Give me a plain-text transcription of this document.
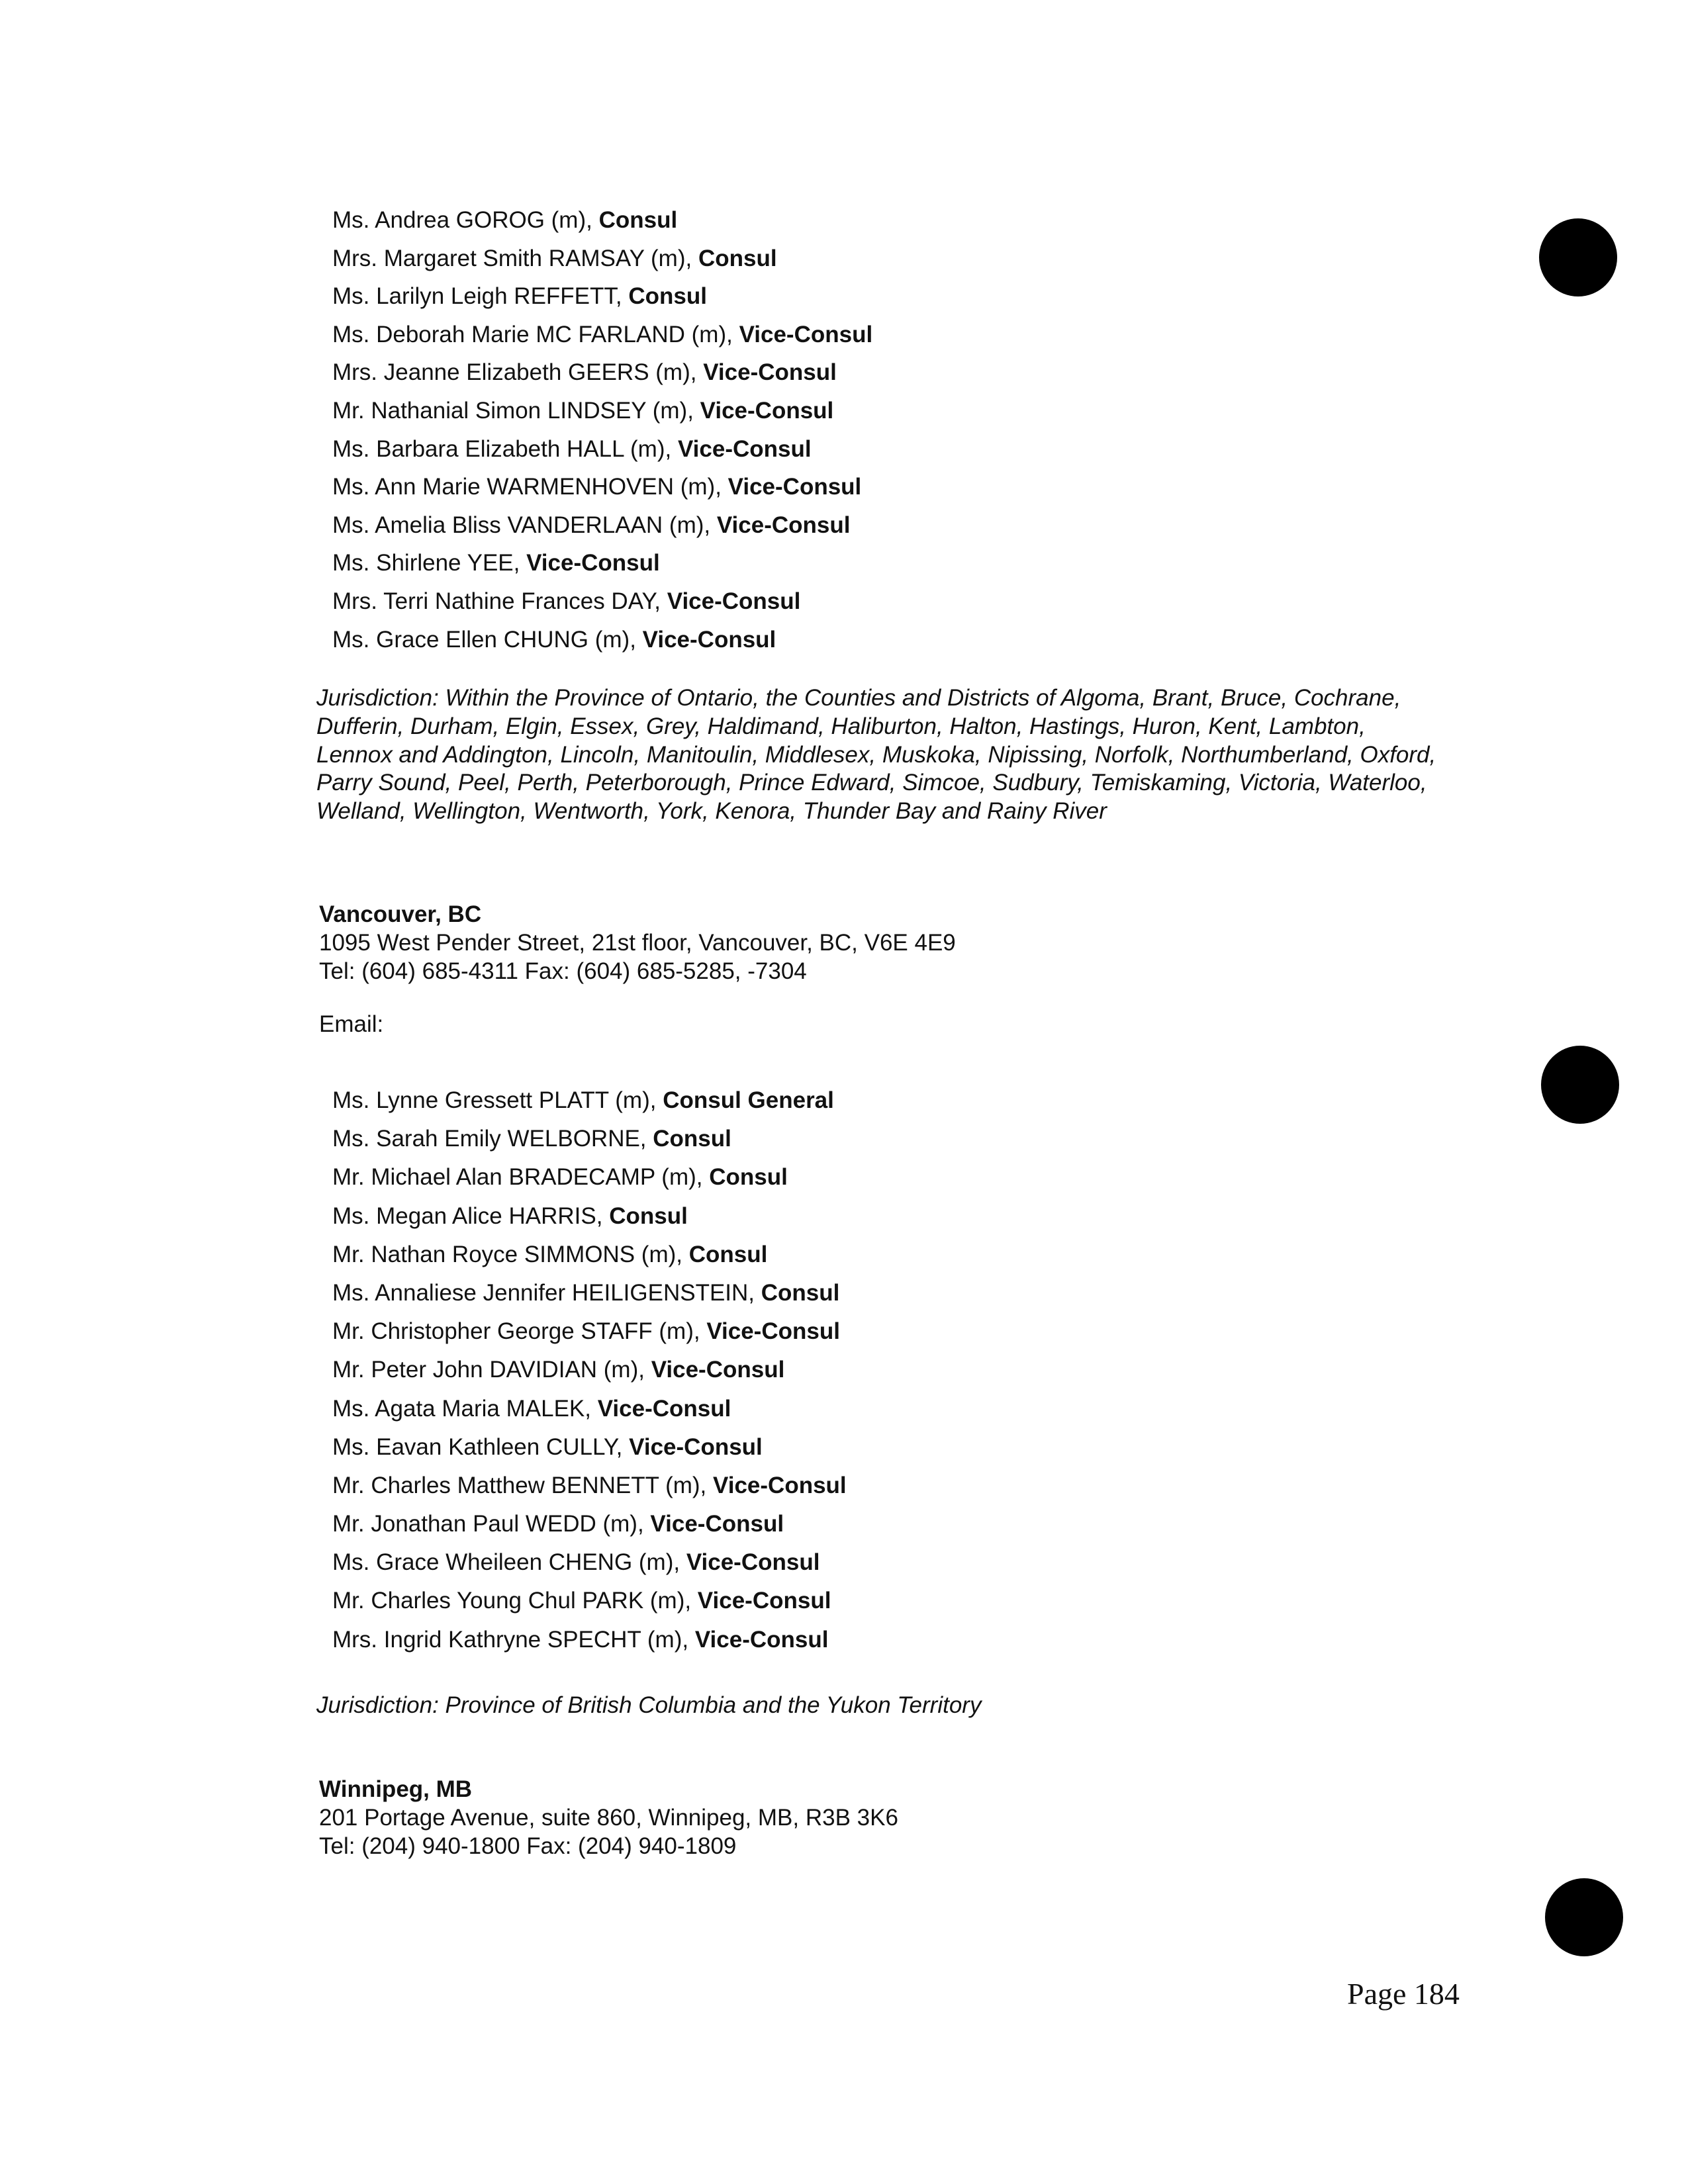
Ms. Andrea GOROG (m), Consul
Mrs. Margaret Smith RAMSAY (m), Consul
Ms. Larilyn Leigh REFFETT, Consul
Ms. Deborah Marie MC FARLAND (m), Vice-Consul
Mrs. Jeanne Elizabeth GEERS (m), Vice-Consul
Mr. Nathanial Simon LINDSEY (m), Vice-Consul
Ms. Barbara Elizabeth HALL (m), Vice-Consul
Ms. Ann Marie WARMENHOVEN (m), Vice-Consul
Ms. Amelia Bliss VANDERLAAN (m), Vice-Consul
Ms. Shirlene YEE, Vice-Consul
Mrs. Terri Nathine Frances DAY, Vice-Consul
Ms. Grace Ellen CHUNG (m), Vice-Consul

Jurisdiction: Within the Province of Ontario, the Counties and Districts of Algoma, Brant, Bruce, Cochrane, Dufferin, Durham, Elgin, Essex, Grey, Haldimand, Haliburton, Halton, Hastings, Huron, Kent, Lambton, Lennox and Addington, Lincoln, Manitoulin, Middlesex, Muskoka, Nipissing, Norfolk, Northumberland, Oxford, Parry Sound, Peel, Perth, Peterborough, Prince Edward, Simcoe, Sudbury, Temiskaming, Victoria, Waterloo, Welland, Wellington, Wentworth, York, Kenora, Thunder Bay and Rainy River

Vancouver, BC
1095 West Pender Street, 21st floor, Vancouver, BC, V6E 4E9
Tel: (604) 685-4311 Fax: (604) 685-5285, -7304
Email:
Ms. Lynne Gressett PLATT (m), Consul General
Ms. Sarah Emily WELBORNE, Consul
Mr. Michael Alan BRADECAMP (m), Consul
Ms. Megan Alice HARRIS, Consul
Mr. Nathan Royce SIMMONS (m), Consul
Ms. Annaliese Jennifer HEILIGENSTEIN, Consul
Mr. Christopher George STAFF (m), Vice-Consul
Mr. Peter John DAVIDIAN (m), Vice-Consul
Ms. Agata Maria MALEK, Vice-Consul
Ms. Eavan Kathleen CULLY, Vice-Consul
Mr. Charles Matthew BENNETT (m), Vice-Consul
Mr. Jonathan Paul WEDD (m), Vice-Consul
Ms. Grace Wheileen CHENG (m), Vice-Consul
Mr. Charles Young Chul PARK (m), Vice-Consul
Mrs. Ingrid Kathryne SPECHT (m), Vice-Consul

Jurisdiction: Province of British Columbia and the Yukon Territory

Winnipeg, MB
201 Portage Avenue, suite 860, Winnipeg, MB, R3B 3K6
Tel: (204) 940-1800 Fax: (204) 940-1809
Page 184
